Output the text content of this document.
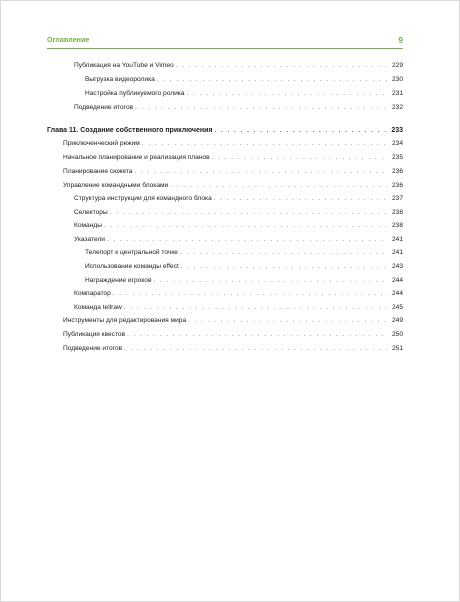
Оглавление	9
Публикация на YouTube и Vimeo . . .	229
Выгрузка видеоролика . . .	230
Настройка публикуемого ролика . . .	231
Подведение итогов . . .	232
Глава 11. Создание собственного приключения . . .	233
Приключенческий режим . . .	234
Начальное планирование и реализация планов . . .	235
Планирование сюжета . . .	236
Управление командными блоками . . .	236
Структура инструкции для командного блока . . .	237
Селекторы . . .	238
Команды . . .	238
Указатели . . .	241
Телепорт к центральной точке . . .	241
Использование команды effect . . .	243
Награждение игроков . . .	244
Компаратор . . .	244
Команда tellraw . . .	245
Инструменты для редактирования мира . . .	249
Публикация квестов . . .	250
Подведение итогов . . .	251
